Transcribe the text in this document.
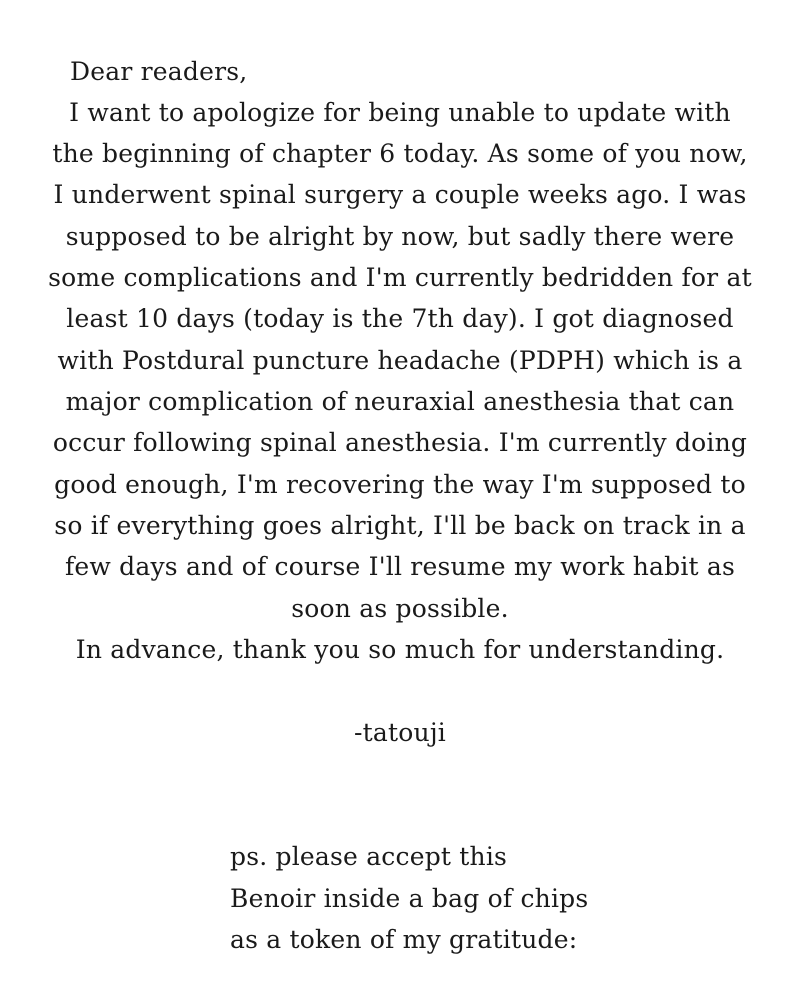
Dear readers,
I want to apologize for being unable to update with
the beginning of chapter 6 today. As some of you now,
I underwent spinal surgery a couple weeks ago. I was
supposed to be alright by now, but sadly there were
some complications and I'm currently bedridden for at
least 10 days (today is the 7th day). I got diagnosed
with Postdural puncture headache (PDPH) which is a
major complication of neuraxial anesthesia that can
occur following spinal anesthesia. I'm currently doing
good enough, I'm recovering the way I'm supposed to
so if everything goes alright, I'll be back on track in a
few days and of course I'll resume my work habit as
soon as possible.
In advance, thank you so much for understanding.
-tatouji
ps. please accept this
Benoir inside a bag of chips
as a token of my gratitude:
